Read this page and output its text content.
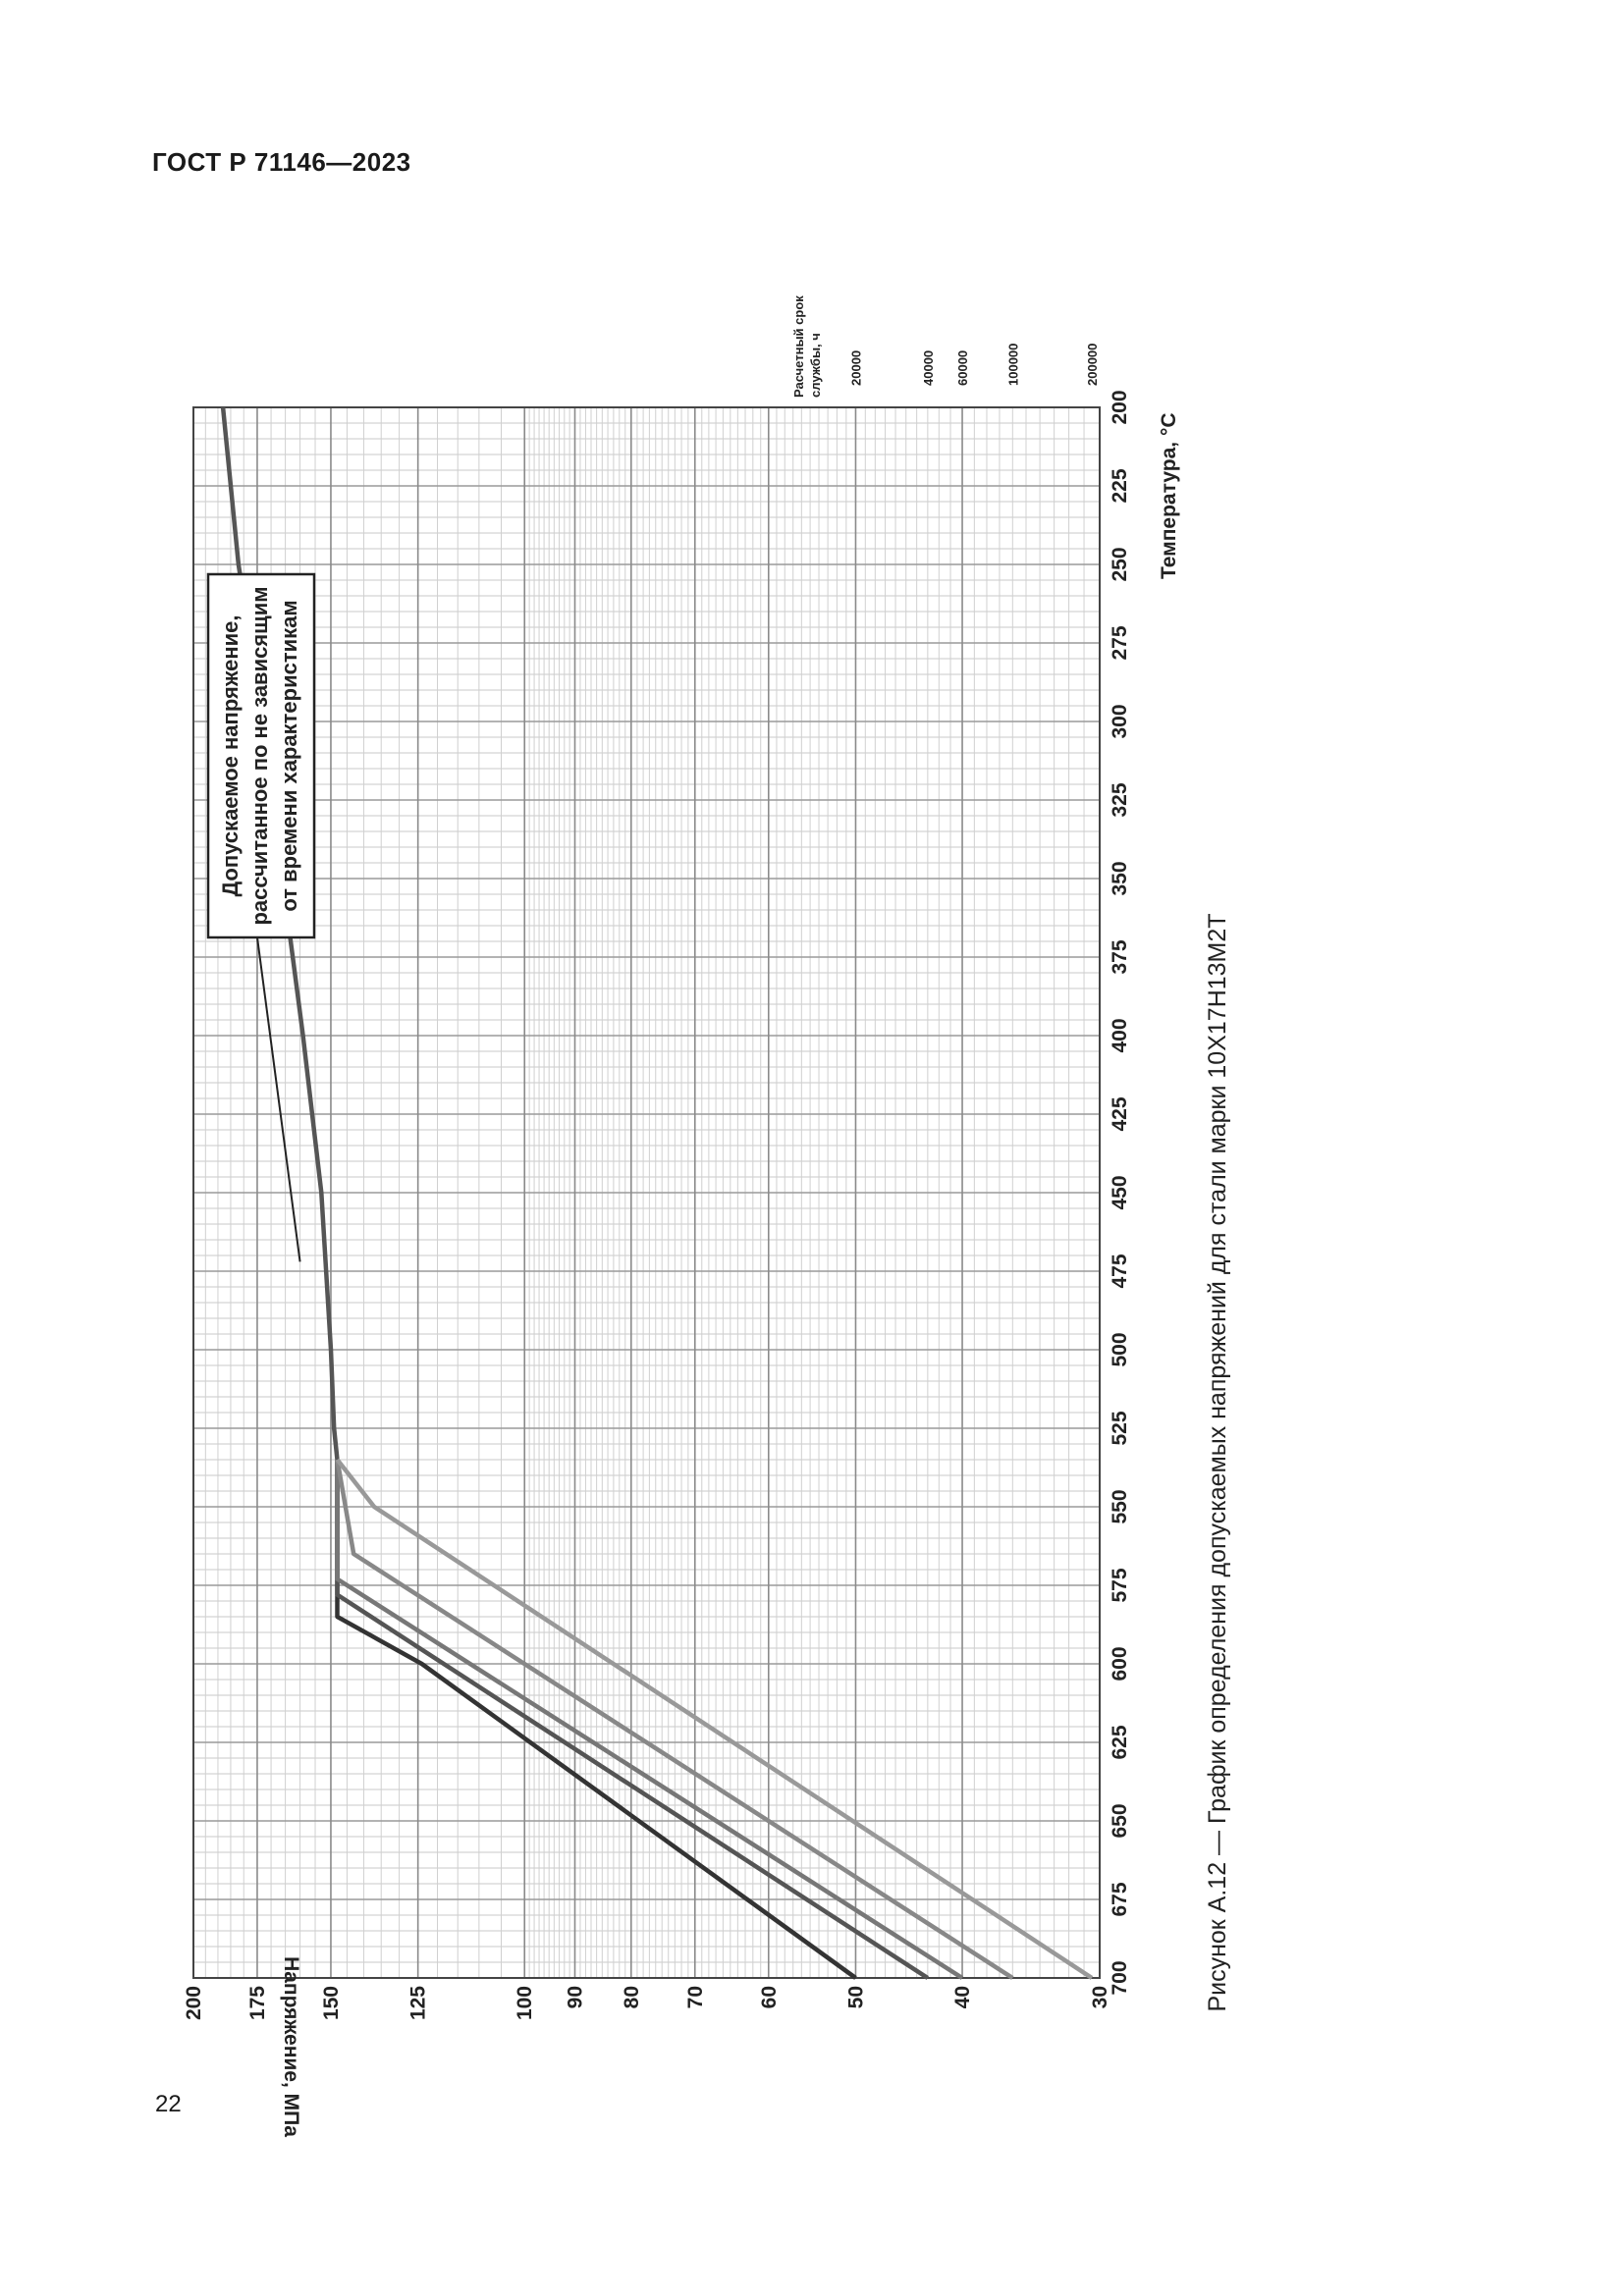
ГОСТ Р 71146—2023
200
225
250
275
300
325
350
375
400
425
450
475
500
525
550
575
600
625
650
675
700
200 175 150	125	100 90 80 70 60	50	40	30
20000	40000 60000	100000	200000
Допускаемое напряжение, рассчитанное по не зависящим от времени характеристикам
Температура, °С
Напряжение, МПа
Расчетный срок службы, ч
Рисунок А.12 — График определения допускаемых напряжений для стали марки 10Х17Н13М2Т
22
